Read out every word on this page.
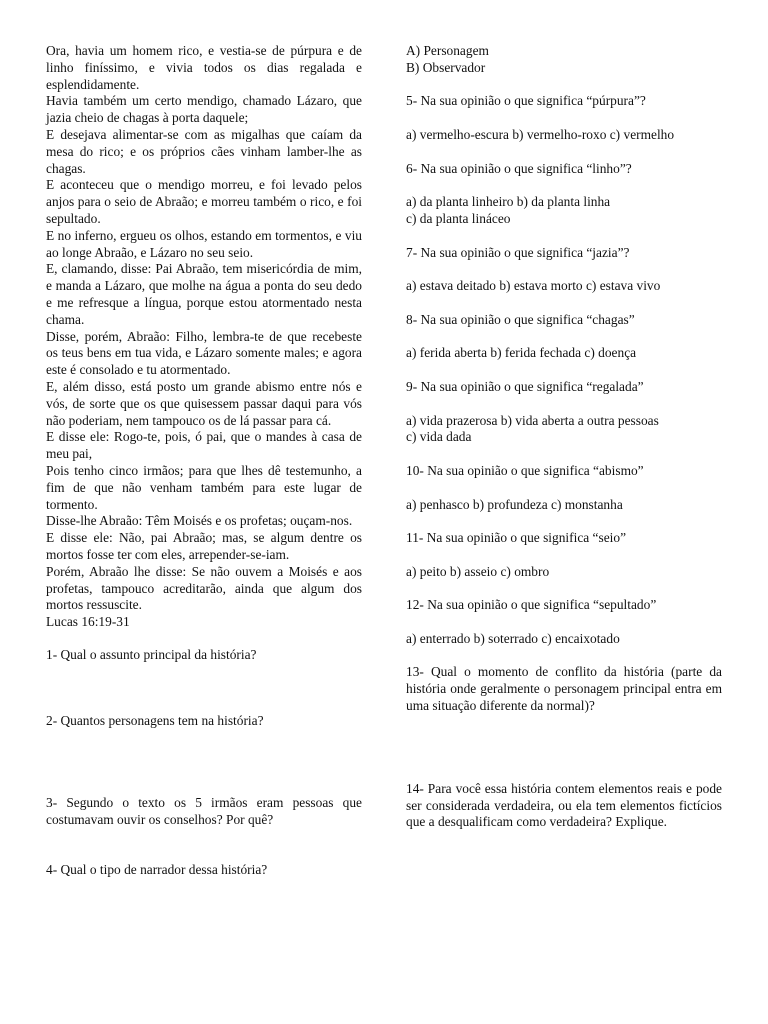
Ora, havia um homem rico, e vestia-se de púrpura e de linho finíssimo, e vivia todos os dias regalada e esplendidamente.

Havia também um certo mendigo, chamado Lázaro, que jazia cheio de chagas à porta daquele;

E desejava alimentar-se com as migalhas que caíam da mesa do rico; e os próprios cães vinham lamber-lhe as chagas.

E aconteceu que o mendigo morreu, e foi levado pelos anjos para o seio de Abraão; e morreu também o rico, e foi sepultado.

E no inferno, ergueu os olhos, estando em tormentos, e viu ao longe Abraão, e Lázaro no seu seio.

E, clamando, disse: Pai Abraão, tem misericórdia de mim, e manda a Lázaro, que molhe na água a ponta do seu dedo e me refresque a língua, porque estou atormentado nesta chama.

Disse, porém, Abraão: Filho, lembra-te de que recebeste os teus bens em tua vida, e Lázaro somente males; e agora este é consolado e tu atormentado.

E, além disso, está posto um grande abismo entre nós e vós, de sorte que os que quisessem passar daqui para vós não poderiam, nem tampouco os de lá passar para cá.

E disse ele: Rogo-te, pois, ó pai, que o mandes à casa de meu pai,

Pois tenho cinco irmãos; para que lhes dê testemunho, a fim de que não venham também para este lugar de tormento.

Disse-lhe Abraão: Têm Moisés e os profetas; ouçam-nos.

E disse ele: Não, pai Abraão; mas, se algum dentre os mortos fosse ter com eles, arrepender-se-iam.

Porém, Abraão lhe disse: Se não ouvem a Moisés e aos profetas, tampouco acreditarão, ainda que algum dos mortos ressuscite.

Lucas 16:19-31

1- Qual o assunto principal da história?

2- Quantos personagens tem na história?

3- Segundo o texto os 5 irmãos eram pessoas que costumavam ouvir os conselhos? Por quê?

4- Qual o tipo de narrador dessa história?

A) Personagem

B) Observador

5- Na sua opinião o que significa “púrpura”?

a) vermelho-escura b) vermelho-roxo c) vermelho

6- Na sua opinião o que significa “linho”?

a) da planta linheiro b) da planta linha

c) da planta lináceo

7- Na sua opinião o que significa “jazia”?

a) estava deitado b) estava morto c) estava vivo

8- Na sua opinião o que significa “chagas”

a) ferida aberta b) ferida fechada c) doença

9- Na sua opinião o que significa “regalada”

a) vida prazerosa b) vida aberta a outra pessoas

c) vida dada

10- Na sua opinião o que significa “abismo”

a) penhasco b) profundeza c) monstanha

11- Na sua opinião o que significa “seio”

a) peito b) asseio c) ombro

12- Na sua opinião o que significa “sepultado”

a) enterrado b) soterrado c) encaixotado

13- Qual o momento de conflito da história (parte da história onde geralmente o personagem principal entra em uma situação diferente da normal)?

14- Para você essa história contem elementos reais e pode ser considerada verdadeira, ou ela tem elementos fictícios que a desqualificam como verdadeira? Explique.
